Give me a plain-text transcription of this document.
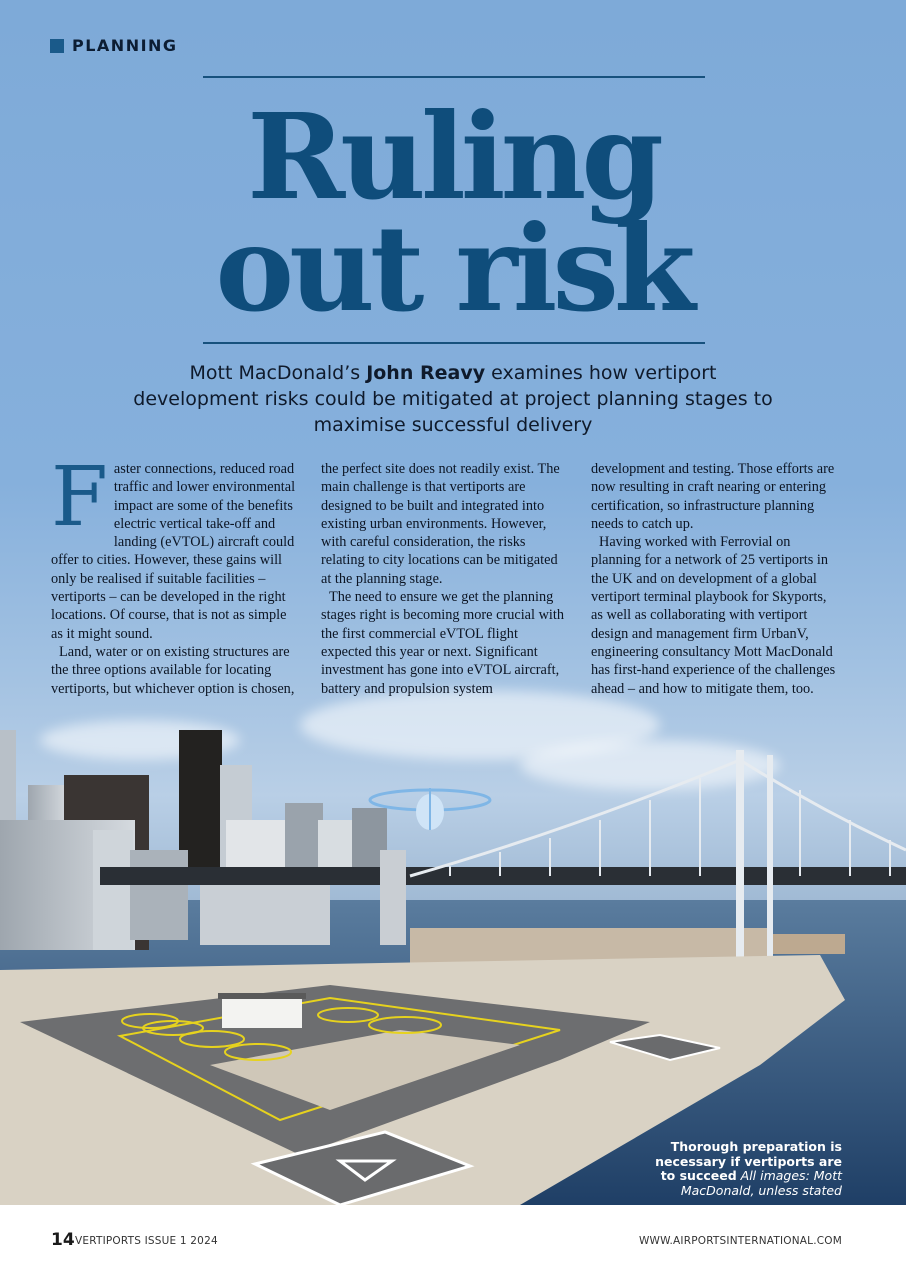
PLANNING
Ruling
out risk

Mott MacDonald’s John Reavy examines how vertiport development risks could be mitigated at project planning stages to maximise successful delivery

Faster connections, reduced road traffic and lower environmental impact are some of the benefits electric vertical take-off and landing (eVTOL) aircraft could offer to cities. However, these gains will only be realised if suitable facilities – vertiports – can be developed in the right locations. Of course, that is not as simple as it might sound.

Land, water or on existing structures are the three options available for locating vertiports, but whichever option is chosen,

the perfect site does not readily exist. The main challenge is that vertiports are designed to be built and integrated into existing urban environments. However, with careful consideration, the risks relating to city locations can be mitigated at the planning stage.

The need to ensure we get the planning stages right is becoming more crucial with the first commercial eVTOL flight expected this year or next. Significant investment has gone into eVTOL aircraft, battery and propulsion system

development and testing. Those efforts are now resulting in craft nearing or entering certification, so infrastructure planning needs to catch up.

Having worked with Ferrovial on planning for a network of 25 vertiports in the UK and on development of a global vertiport terminal playbook for Skyports, as well as collaborating with vertiport design and management firm UrbanV, engineering consultancy Mott MacDonald has first-hand experience of the challenges ahead – and how to mitigate them, too.

Thorough preparation is necessary if vertiports are to succeed All images: Mott MacDonald, unless stated
14 VERTIPORTS ISSUE 1 2024	WWW.AIRPORTSINTERNATIONAL.COM
